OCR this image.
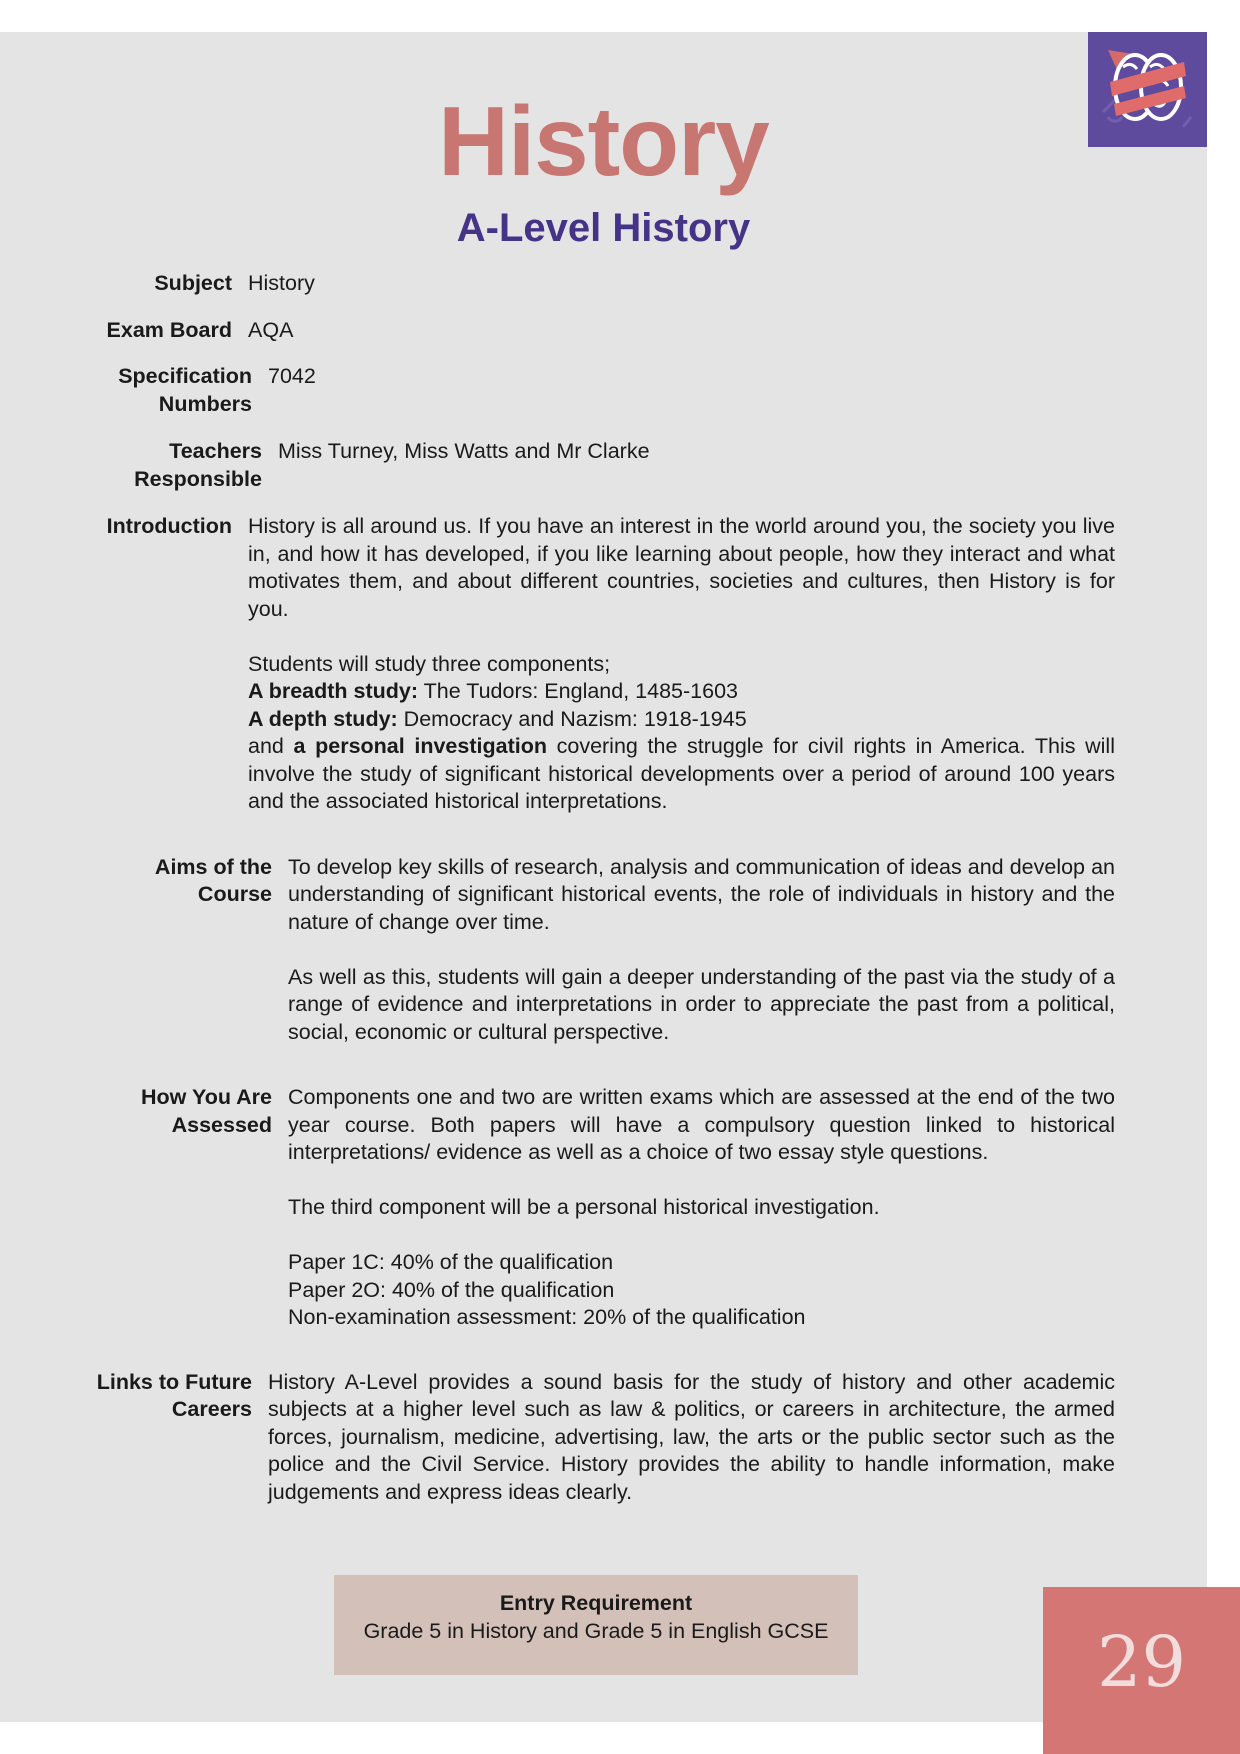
History
A-Level History
Subject History
Exam Board AQA
Specification Numbers
7042
Teachers Responsible
Miss Turney, Miss Watts and Mr Clarke
Introduction History is all around us. If you have an interest in the world around you, the society you live in, and how it has developed, if you like learning about people, how they interact and what motivates them, and about different countries, societies and cultures, then History is for you.

Students will study three components;

A breadth study: The Tudors: England, 1485-1603

A depth study: Democracy and Nazism: 1918-1945

and a personal investigation covering the struggle for civil rights in America. This will involve the study of significant historical developments over a period of around 100 years and the associated historical interpretations.

Aims of the Course

To develop key skills of research, analysis and communication of ideas and develop an understanding of significant historical events, the role of individuals in history and the nature of change over time.

As well as this, students will gain a deeper understanding of the past via the study of a range of evidence and interpretations in order to appreciate the past from a political, social, economic or cultural perspective.

How You Are Assessed

Components one and two are written exams which are assessed at the end of the two year course. Both papers will have a compulsory question linked to historical interpretations/ evidence as well as a choice of two essay style questions.

The third component will be a personal historical investigation.

Paper 1C: 40% of the qualification

Paper 2O: 40% of the qualification

Non-examination assessment: 20% of the qualification

Links to Future Careers

History A-Level provides a sound basis for the study of history and other academic subjects at a higher level such as law & politics, or careers in architecture, the armed forces, journalism, medicine, advertising, law, the arts or the public sector such as the police and the Civil Service. History provides the ability to handle information, make judgements and express ideas clearly.

Entry Requirement
Grade 5 in History and Grade 5 in English GCSE	29
